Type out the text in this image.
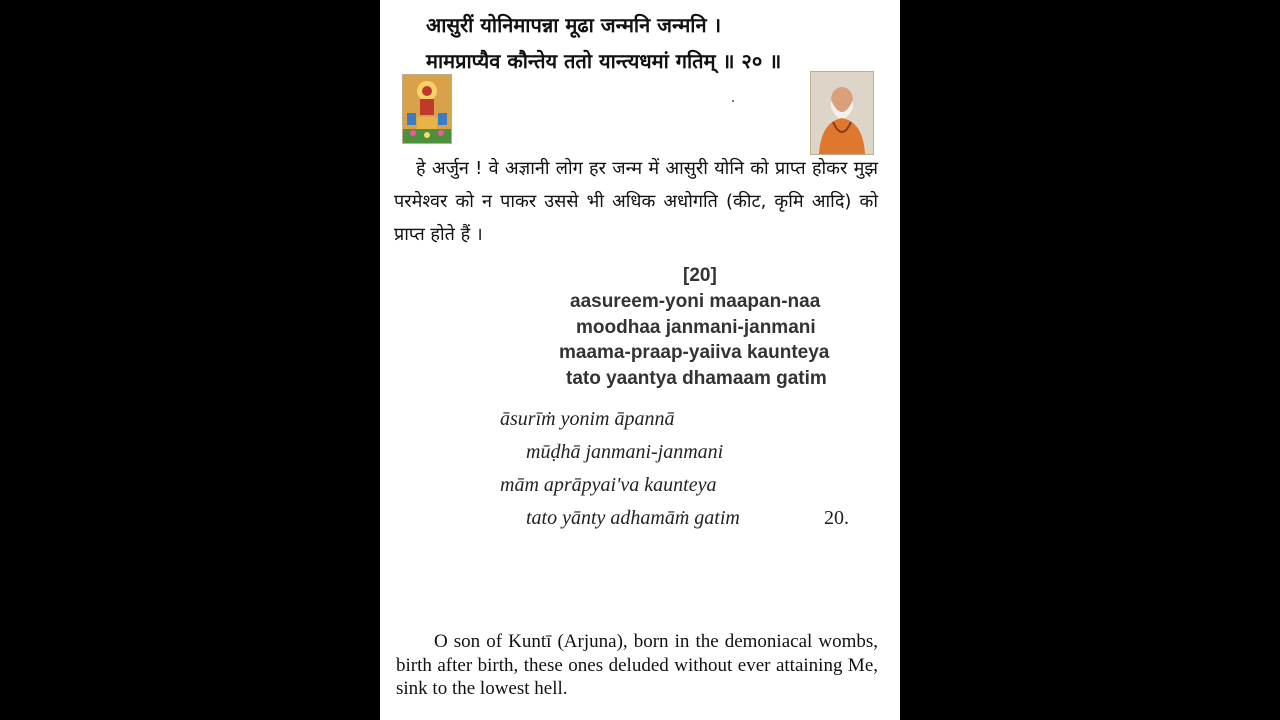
आसुरीं योनिमापन्ना मूढा जन्मनि जन्मनि ।
मामप्राप्यैव कौन्तेय ततो यान्त्यधमां गतिम् ॥ २० ॥

हे अर्जुन ! वे अज्ञानी लोग हर जन्म में आसुरी योनि को प्राप्त होकर मुझ परमेश्वर को न पाकर उससे भी अधिक अधोगति (कीट, कृमि आदि) को प्राप्त होते हैं ।

[20]
aasureem-yoni maapan-naa
moodhaa janmani-janmani
maama-praap-yaiiva kaunteya
tato yaantya dhamaam gatim
āsurīṁ yonim āpannā
mūḍhā janmani-janmani
mām aprāpyai'va kaunteya
tato yānty adhamāṁ gatim	20.

O son of Kuntī (Arjuna), born in the demoniacal wombs, birth after birth, these ones deluded without ever attaining Me, sink to the lowest hell.
